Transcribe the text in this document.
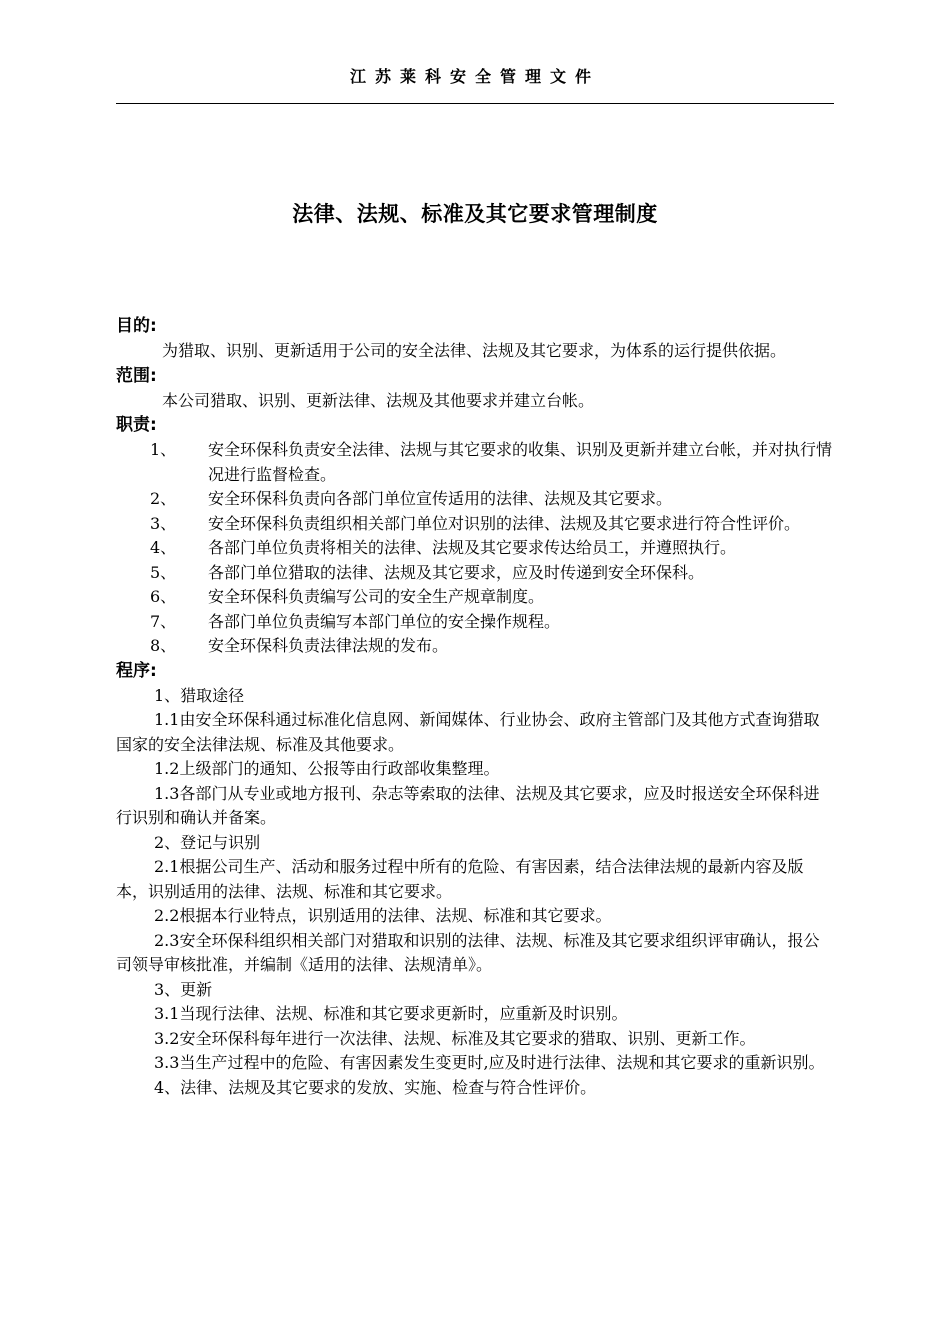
江苏莱科安全管理文件
法律、法规、标准及其它要求管理制度
目的:
为猎取、识别、更新适用于公司的安全法律、法规及其它要求，为体系的运行提供依据。
范围:
本公司猎取、识别、更新法律、法规及其他要求并建立台帐。
职责:
1、	安全环保科负责安全法律、法规与其它要求的收集、识别及更新并建立台帐，并对执行情况进行监督检查。
2、	安全环保科负责向各部门单位宣传适用的法律、法规及其它要求。
3、	安全环保科负责组织相关部门单位对识别的法律、法规及其它要求进行符合性评价。
4、	各部门单位负责将相关的法律、法规及其它要求传达给员工，并遵照执行。
5、	各部门单位猎取的法律、法规及其它要求，应及时传递到安全环保科。
6、	安全环保科负责编写公司的安全生产规章制度。
7、	各部门单位负责编写本部门单位的安全操作规程。
8、	安全环保科负责法律法规的发布。
程序:
1、猎取途径
1.1由安全环保科通过标准化信息网、新闻媒体、行业协会、政府主管部门及其他方式查询猎取国家的安全法律法规、标准及其他要求。
1.2上级部门的通知、公报等由行政部收集整理。
1.3各部门从专业或地方报刊、杂志等索取的法律、法规及其它要求，应及时报送安全环保科进行识别和确认并备案。
2、登记与识别
2.1根据公司生产、活动和服务过程中所有的危险、有害因素，结合法律法规的最新内容及版本，识别适用的法律、法规、标准和其它要求。
2.2根据本行业特点，识别适用的法律、法规、标准和其它要求。
2.3安全环保科组织相关部门对猎取和识别的法律、法规、标准及其它要求组织评审确认，报公司领导审核批准，并编制《适用的法律、法规清单》。
3、更新
3.1当现行法律、法规、标准和其它要求更新时，应重新及时识别。
3.2安全环保科每年进行一次法律、法规、标准及其它要求的猎取、识别、更新工作。
3.3当生产过程中的危险、有害因素发生变更时,应及时进行法律、法规和其它要求的重新识别。
4、法律、法规及其它要求的发放、实施、检查与符合性评价。
